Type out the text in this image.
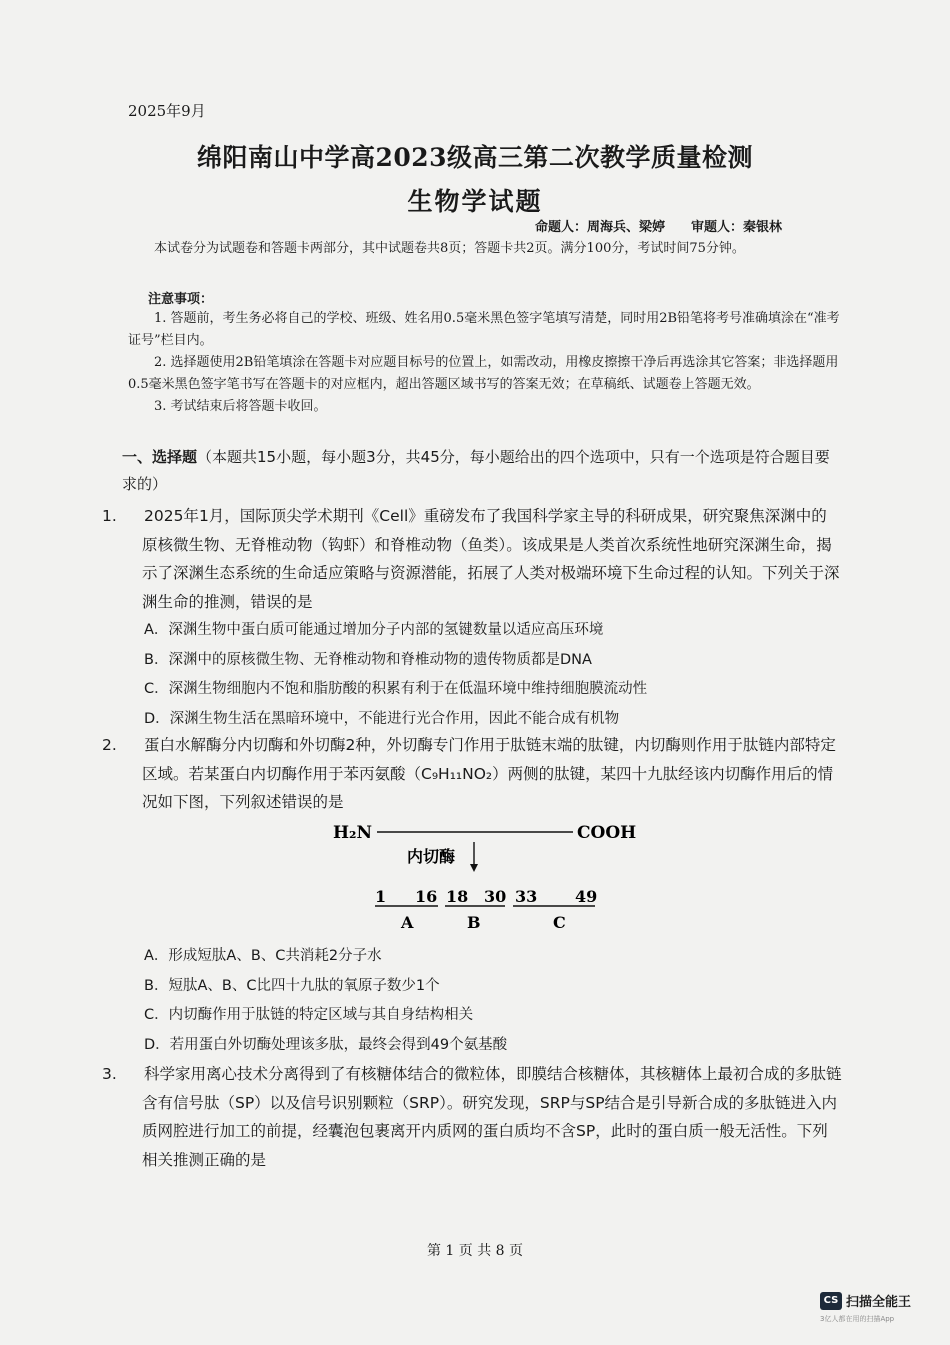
2025年9月
绵阳南山中学高2023级高三第二次教学质量检测
生物学试题
命题人：周海兵、梁婷　　审题人：秦银林
本试卷分为试题卷和答题卡两部分，其中试题卷共8页；答题卡共2页。满分100分，考试时间75分钟。
注意事项：

1. 答题前，考生务必将自己的学校、班级、姓名用0.5毫米黑色签字笔填写清楚，同时用2B铅笔将考号准确填涂在“准考证号”栏目内。

2. 选择题使用2B铅笔填涂在答题卡对应题目标号的位置上，如需改动，用橡皮擦擦干净后再选涂其它答案；非选择题用0.5毫米黑色签字笔书写在答题卡的对应框内，超出答题区域书写的答案无效；在草稿纸、试题卷上答题无效。

3. 考试结束后将答题卡收回。

一、选择题（本题共15小题，每小题3分，共45分，每小题给出的四个选项中，只有一个选项是符合题目要求的）
1. 2025年1月，国际顶尖学术期刊《Cell》重磅发布了我国科学家主导的科研成果，研究聚焦深渊中的原核微生物、无脊椎动物（钩虾）和脊椎动物（鱼类）。该成果是人类首次系统性地研究深渊生命，揭示了深渊生态系统的生命适应策略与资源潜能，拓展了人类对极端环境下生命过程的认知。下列关于深渊生命的推测，错误的是
A．深渊生物中蛋白质可能通过增加分子内部的氢键数量以适应高压环境
B．深渊中的原核微生物、无脊椎动物和脊椎动物的遗传物质都是DNA
C．深渊生物细胞内不饱和脂肪酸的积累有利于在低温环境中维持细胞膜流动性
D．深渊生物生活在黑暗环境中，不能进行光合作用，因此不能合成有机物
2. 蛋白水解酶分内切酶和外切酶2种，外切酶专门作用于肽链末端的肽键，内切酶则作用于肽链内部特定区域。若某蛋白内切酶作用于苯丙氨酸（C₉H₁₁NO₂）两侧的肽键，某四十九肽经该内切酶作用后的情况如下图，下列叙述错误的是
H₂N	COOH
内切酶
1 16 18 30 33 49
A	B	C
A．形成短肽A、B、C共消耗2分子水
B．短肽A、B、C比四十九肽的氧原子数少1个
C．内切酶作用于肽链的特定区域与其自身结构相关
D．若用蛋白外切酶处理该多肽，最终会得到49个氨基酸
3. 科学家用离心技术分离得到了有核糖体结合的微粒体，即膜结合核糖体，其核糖体上最初合成的多肽链含有信号肽（SP）以及信号识别颗粒（SRP）。研究发现，SRP与SP结合是引导新合成的多肽链进入内质网腔进行加工的前提，经囊泡包裹离开内质网的蛋白质均不含SP，此时的蛋白质一般无活性。下列相关推测正确的是
第 1 页 共 8 页
CS 扫描全能王
3亿人都在用的扫描App
